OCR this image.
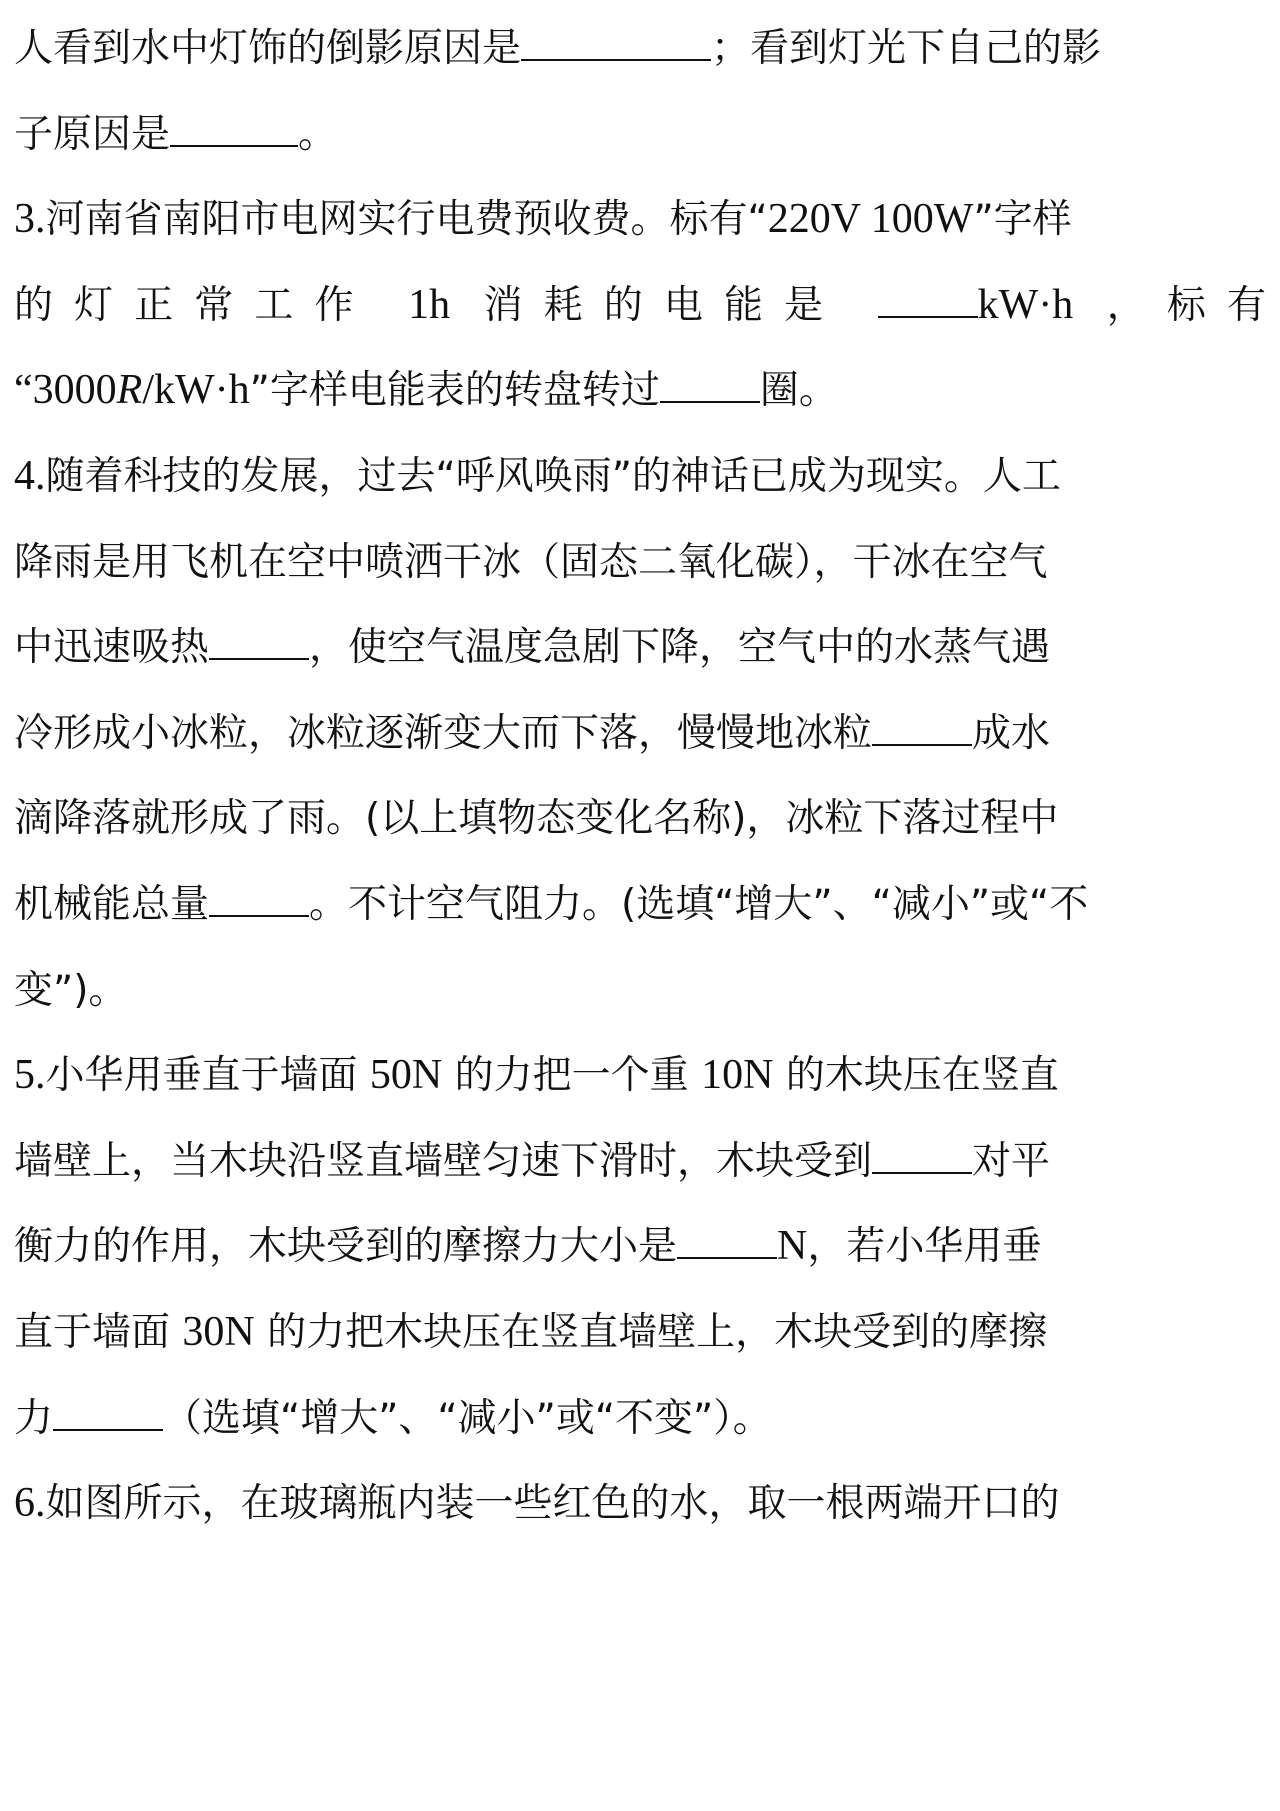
人看到水中灯饰的倒影原因是	；看到灯光下自己的影
子原因是	。
3.河南省南阳市电网实行电费预收费。标有“220V 100W”字样
的灯正常工作 1h 消耗的电能是	kW·h ，标有
“3000R/kW·h”字样电能表的转盘转过	圈。
4.随着科技的发展，过去“呼风唤雨”的神话已成为现实。人工
降雨是用飞机在空中喷洒干冰（固态二氧化碳），干冰在空气
中迅速吸热	，使空气温度急剧下降，空气中的水蒸气遇
冷形成小冰粒，冰粒逐渐变大而下落，慢慢地冰粒	成水
滴降落就形成了雨。(以上填物态变化名称)，冰粒下落过程中
机械能总量	。不计空气阻力。(选填“增大”、“减小”或“不
变”)。
5.小华用垂直于墙面 50N 的力把一个重 10N 的木块压在竖直
墙壁上，当木块沿竖直墙壁匀速下滑时，木块受到	对平
衡力的作用，木块受到的摩擦力大小是 N，若小华用垂
直于墙面 30N 的力把木块压在竖直墙壁上，木块受到的摩擦
力	（选填“增大”、“减小”或“不变”）。
6.如图所示，在玻璃瓶内装一些红色的水，取一根两端开口的
